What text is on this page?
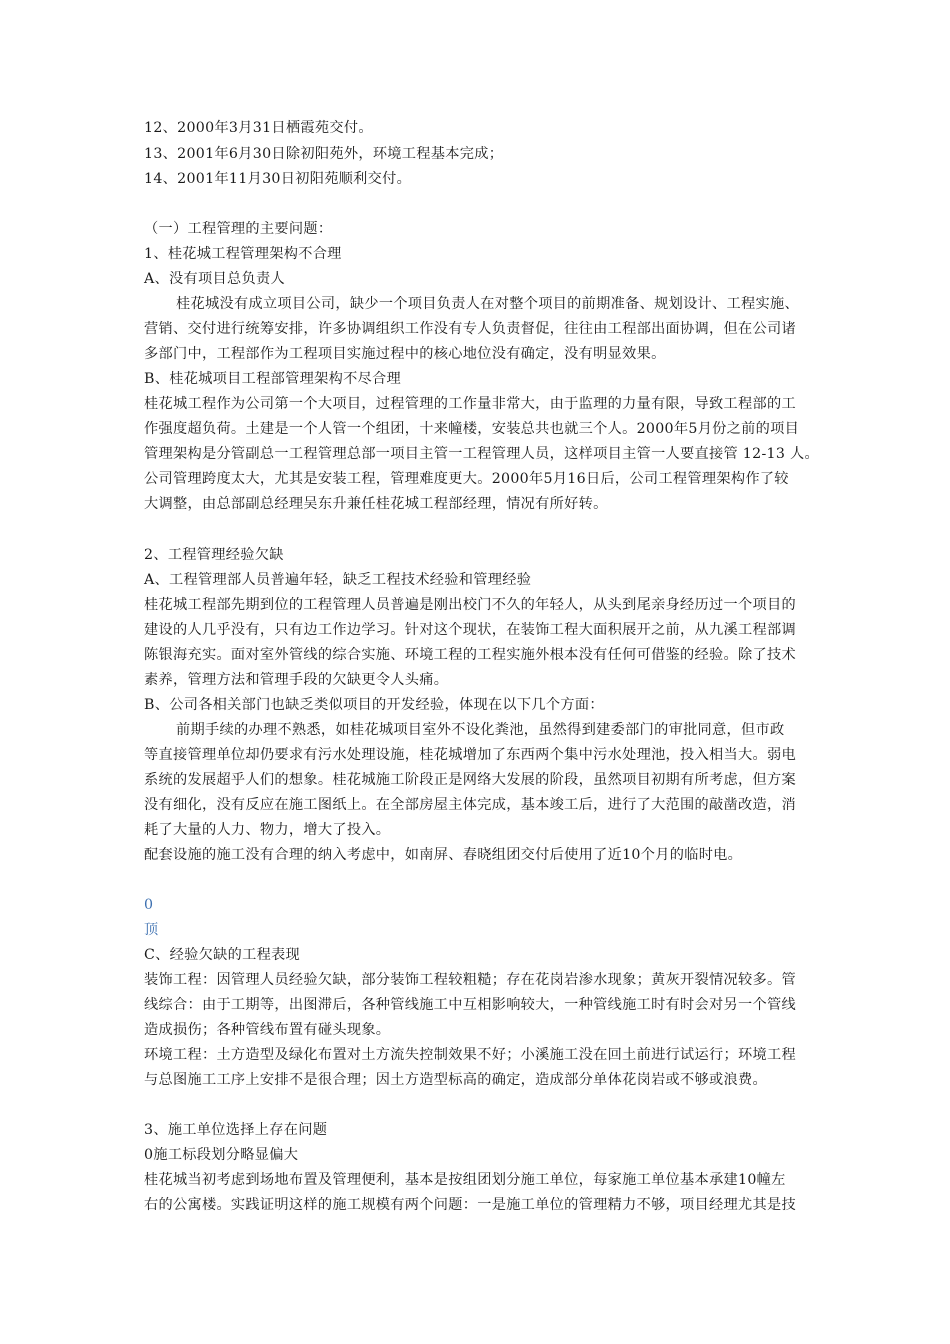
12、2000年3月31日栖霞苑交付。
13、2001年6月30日除初阳苑外，环境工程基本完成；
14、2001年11月30日初阳苑顺利交付。
（一）工程管理的主要问题：
1、桂花城工程管理架构不合理
A、没有项目总负责人
桂花城没有成立项目公司，缺少一个项目负责人在对整个项目的前期准备、规划设计、工程实施、
营销、交付进行统筹安排，许多协调组织工作没有专人负责督促，往往由工程部出面协调，但在公司诸
多部门中，工程部作为工程项目实施过程中的核心地位没有确定，没有明显效果。
B、桂花城项目工程部管理架构不尽合理
桂花城工程作为公司第一个大项目，过程管理的工作量非常大，由于监理的力量有限，导致工程部的工
作强度超负荷。土建是一个人管一个组团，十来幢楼，安装总共也就三个人。2000年5月份之前的项目
管理架构是分管副总一工程管理总部一项目主管一工程管理人员，这样项目主管一人要直接管 12-13 人。
公司管理跨度太大，尤其是安装工程，管理难度更大。2000年5月16日后，公司工程管理架构作了较
大调整，由总部副总经理吴东升兼任桂花城工程部经理，情况有所好转。
2、工程管理经验欠缺
A、工程管理部人员普遍年轻，缺乏工程技术经验和管理经验
桂花城工程部先期到位的工程管理人员普遍是刚出校门不久的年轻人，从头到尾亲身经历过一个项目的
建设的人几乎没有，只有边工作边学习。针对这个现状，在装饰工程大面积展开之前，从九溪工程部调
陈银海充实。面对室外管线的综合实施、环境工程的工程实施外根本没有任何可借鉴的经验。除了技术
素养，管理方法和管理手段的欠缺更令人头痛。
B、公司各相关部门也缺乏类似项目的开发经验，体现在以下几个方面：
前期手续的办理不熟悉，如桂花城项目室外不设化粪池，虽然得到建委部门的审批同意，但市政
等直接管理单位却仍要求有污水处理设施，桂花城增加了东西两个集中污水处理池，投入相当大。弱电
系统的发展超乎人们的想象。桂花城施工阶段正是网络大发展的阶段，虽然项目初期有所考虑，但方案
没有细化，没有反应在施工图纸上。在全部房屋主体完成，基本竣工后，进行了大范围的敲凿改造，消
耗了大量的人力、物力，增大了投入。
配套设施的施工没有合理的纳入考虑中，如南屏、春晓组团交付后使用了近10个月的临时电。
0
顶
C、经验欠缺的工程表现
装饰工程：因管理人员经验欠缺，部分装饰工程较粗糙；存在花岗岩渗水现象；黄灰开裂情况较多。管
线综合：由于工期等，出图滞后，各种管线施工中互相影响较大，一种管线施工时有时会对另一个管线
造成损伤；各种管线布置有碰头现象。
环境工程：土方造型及绿化布置对土方流失控制效果不好；小溪施工没在回土前进行试运行；环境工程
与总图施工工序上安排不是很合理；因土方造型标高的确定，造成部分单体花岗岩或不够或浪费。
3、施工单位选择上存在问题
0施工标段划分略显偏大
桂花城当初考虑到场地布置及管理便利，基本是按组团划分施工单位，每家施工单位基本承建10幢左
右的公寓楼。实践证明这样的施工规模有两个问题：一是施工单位的管理精力不够，项目经理尤其是技
